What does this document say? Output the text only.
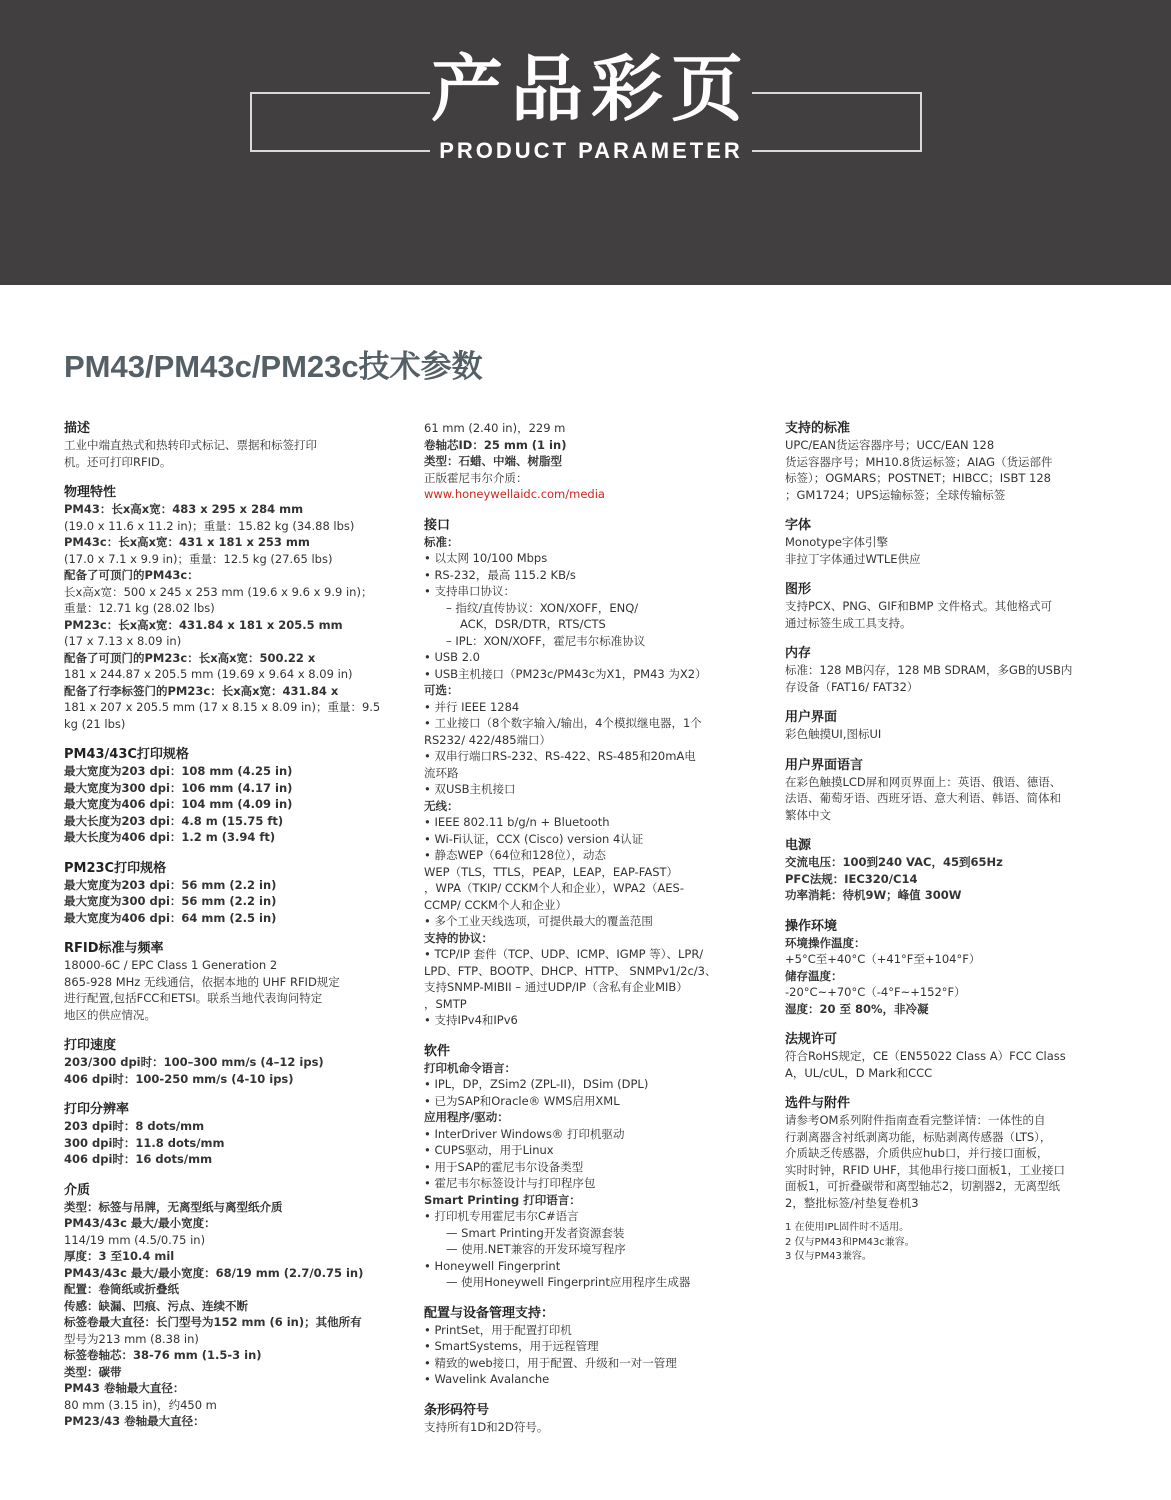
产品彩页
PRODUCT PARAMETER
PM43/PM43c/PM23c技术参数
描述
工业中端直热式和热转印式标记、票据和标签打印
机。还可打印RFID。
物理特性
PM43：长x高x宽：483 x 295 x 284 mm
(19.0 x 11.6 x 11.2 in)；重量：15.82 kg (34.88 lbs)
PM43c：长x高x宽：431 x 181 x 253 mm
(17.0 x 7.1 x 9.9 in)；重量：12.5 kg (27.65 lbs)
配备了可顶门的PM43c：
长x高x宽：500 x 245 x 253 mm (19.6 x 9.6 x 9.9 in)；
重量：12.71 kg (28.02 lbs)
PM23c：长x高x宽：431.84 x 181 x 205.5 mm
(17 x 7.13 x 8.09 in)
配备了可顶门的PM23c：长x高x宽：500.22 x
181 x 244.87 x 205.5 mm (19.69 x 9.64 x 8.09 in)
配备了行李标签门的PM23c：长x高x宽：431.84 x
181 x 207 x 205.5 mm (17 x 8.15 x 8.09 in)；重量：9.5
kg (21 lbs)
PM43/43C打印规格
最大宽度为203 dpi：108 mm (4.25 in)
最大宽度为300 dpi：106 mm (4.17 in)
最大宽度为406 dpi：104 mm (4.09 in)
最大长度为203 dpi：4.8 m (15.75 ft)
最大长度为406 dpi：1.2 m (3.94 ft)
PM23C打印规格
最大宽度为203 dpi：56 mm (2.2 in)
最大宽度为300 dpi：56 mm (2.2 in)
最大宽度为406 dpi：64 mm (2.5 in)
RFID标准与频率
18000-6C / EPC Class 1 Generation 2
865-928 MHz 无线通信，依据本地的 UHF RFID规定
进行配置,包括FCC和ETSI。联系当地代表询问特定
地区的供应情况。
打印速度
203/300 dpi时：100–300 mm/s (4–12 ips)
406 dpi时：100-250 mm/s (4-10 ips)
打印分辨率
203 dpi时：8 dots/mm
300 dpi时：11.8 dots/mm
406 dpi时：16 dots/mm
介质
类型：标签与吊牌，无离型纸与离型纸介质
PM43/43c 最大/最小宽度：
114/19 mm (4.5/0.75 in)
厚度：3 至10.4 mil
PM43/43c 最大/最小宽度：68/19 mm (2.7/0.75 in)
配置：卷筒纸或折叠纸
传感：缺漏、凹痕、污点、连续不断
标签卷最大直径：长门型号为152 mm (6 in)；其他所有
型号为213 mm (8.38 in)
标签卷轴芯：38-76 mm (1.5-3 in)
类型：碳带
PM43 卷轴最大直径：
80 mm (3.15 in)，约450 m
PM23/43 卷轴最大直径：
61 mm (2.40 in)，229 m
卷轴芯ID：25 mm (1 in)
类型：石蜡、中端、树脂型
正版霍尼韦尔介质：
www.honeywellaidc.com/media
接口
标准：
• 以太网 10/100 Mbps
• RS-232，最高 115.2 KB/s
• 支持串口协议：
– 指纹/直传协议：XON/XOFF，ENQ/
ACK，DSR/DTR，RTS/CTS
– IPL：XON/XOFF，霍尼韦尔标准协议
• USB 2.0
• USB主机接口（PM23c/PM43c为X1，PM43 为X2）
可选：
• 并行 IEEE 1284
• 工业接口（8个数字输入/输出，4个模拟继电器，1个
RS232/ 422/485端口）
• 双串行端口RS-232、RS-422、RS-485和20mA电
流环路
• 双USB主机接口
无线：
• IEEE 802.11 b/g/n + Bluetooth
• Wi-Fi认证，CCX (Cisco) version 4认证
• 静态WEP（64位和128位），动态
WEP（TLS，TTLS，PEAP，LEAP，EAP-FAST）
，WPA（TKIP/ CCKM个人和企业），WPA2（AES-
CCMP/ CCKM个人和企业）
• 多个工业天线选项，可提供最大的覆盖范围
支持的协议：
• TCP/IP 套件（TCP、UDP、ICMP、IGMP 等）、LPR/
LPD、FTP、BOOTP、DHCP、HTTP、 SNMPv1/2c/3、
支持SNMP-MIBII – 通过UDP/IP（含私有企业MIB）
，SMTP
• 支持IPv4和IPv6
软件
打印机命令语言：
• IPL，DP，ZSim2 (ZPL-II)，DSim (DPL)
• 已为SAP和Oracle® WMS启用XML
应用程序/驱动：
• InterDriver Windows® 打印机驱动
• CUPS驱动，用于Linux
• 用于SAP的霍尼韦尔设备类型
• 霍尼韦尔标签设计与打印程序包
Smart Printing 打印语言：
• 打印机专用霍尼韦尔C#语言
— Smart Printing开发者资源套装
— 使用.NET兼容的开发环境写程序
• Honeywell Fingerprint
— 使用Honeywell Fingerprint应用程序生成器
配置与设备管理支持：
• PrintSet，用于配置打印机
• SmartSystems，用于远程管理
• 精致的web接口，用于配置、升级和一对一管理
• Wavelink Avalanche
条形码符号
支持所有1D和2D符号。
支持的标准
UPC/EAN货运容器序号；UCC/EAN 128
货运容器序号；MH10.8货运标签；AIAG（货运部件
标签）；OGMARS；POSTNET；HIBCC；ISBT 128
；GM1724；UPS运输标签；全球传输标签
字体
Monotype字体引擎
非拉丁字体通过WTLE供应
图形
支持PCX、PNG、GIF和BMP 文件格式。其他格式可
通过标签生成工具支持。
内存
标准：128 MB闪存，128 MB SDRAM，多GB的USB内
存设备（FAT16/ FAT32）
用户界面
彩色触摸UI,图标UI
用户界面语言
在彩色触摸LCD屏和网页界面上：英语、俄语、德语、
法语、葡萄牙语、西班牙语、意大利语、韩语、简体和
繁体中文
电源
交流电压：100到240 VAC，45到65Hz
PFC法规：IEC320/C14
功率消耗：待机9W；峰值 300W
操作环境
环境操作温度：
+5°C至+40°C（+41°F至+104°F）
储存温度：
-20°C~+70°C（-4°F~+152°F）
湿度：20 至 80%，非冷凝
法规许可
符合RoHS规定，CE（EN55022 Class A）FCC Class
A，UL/cUL，D Mark和CCC
选件与附件
请参考OM系列附件指南查看完整详情：一体性的自
行剥离器含衬纸剥离功能，标贴剥离传感器（LTS），
介质缺乏传感器，介质供应hub口，并行接口面板，
实时时钟，RFID UHF，其他串行接口面板1，工业接口
面板1，可折叠碳带和离型轴芯2，切割器2，无离型纸
2，整批标签/衬垫复卷机3
1 在使用IPL固件时不适用。
2 仅与PM43和PM43c兼容。
3 仅与PM43兼容。
